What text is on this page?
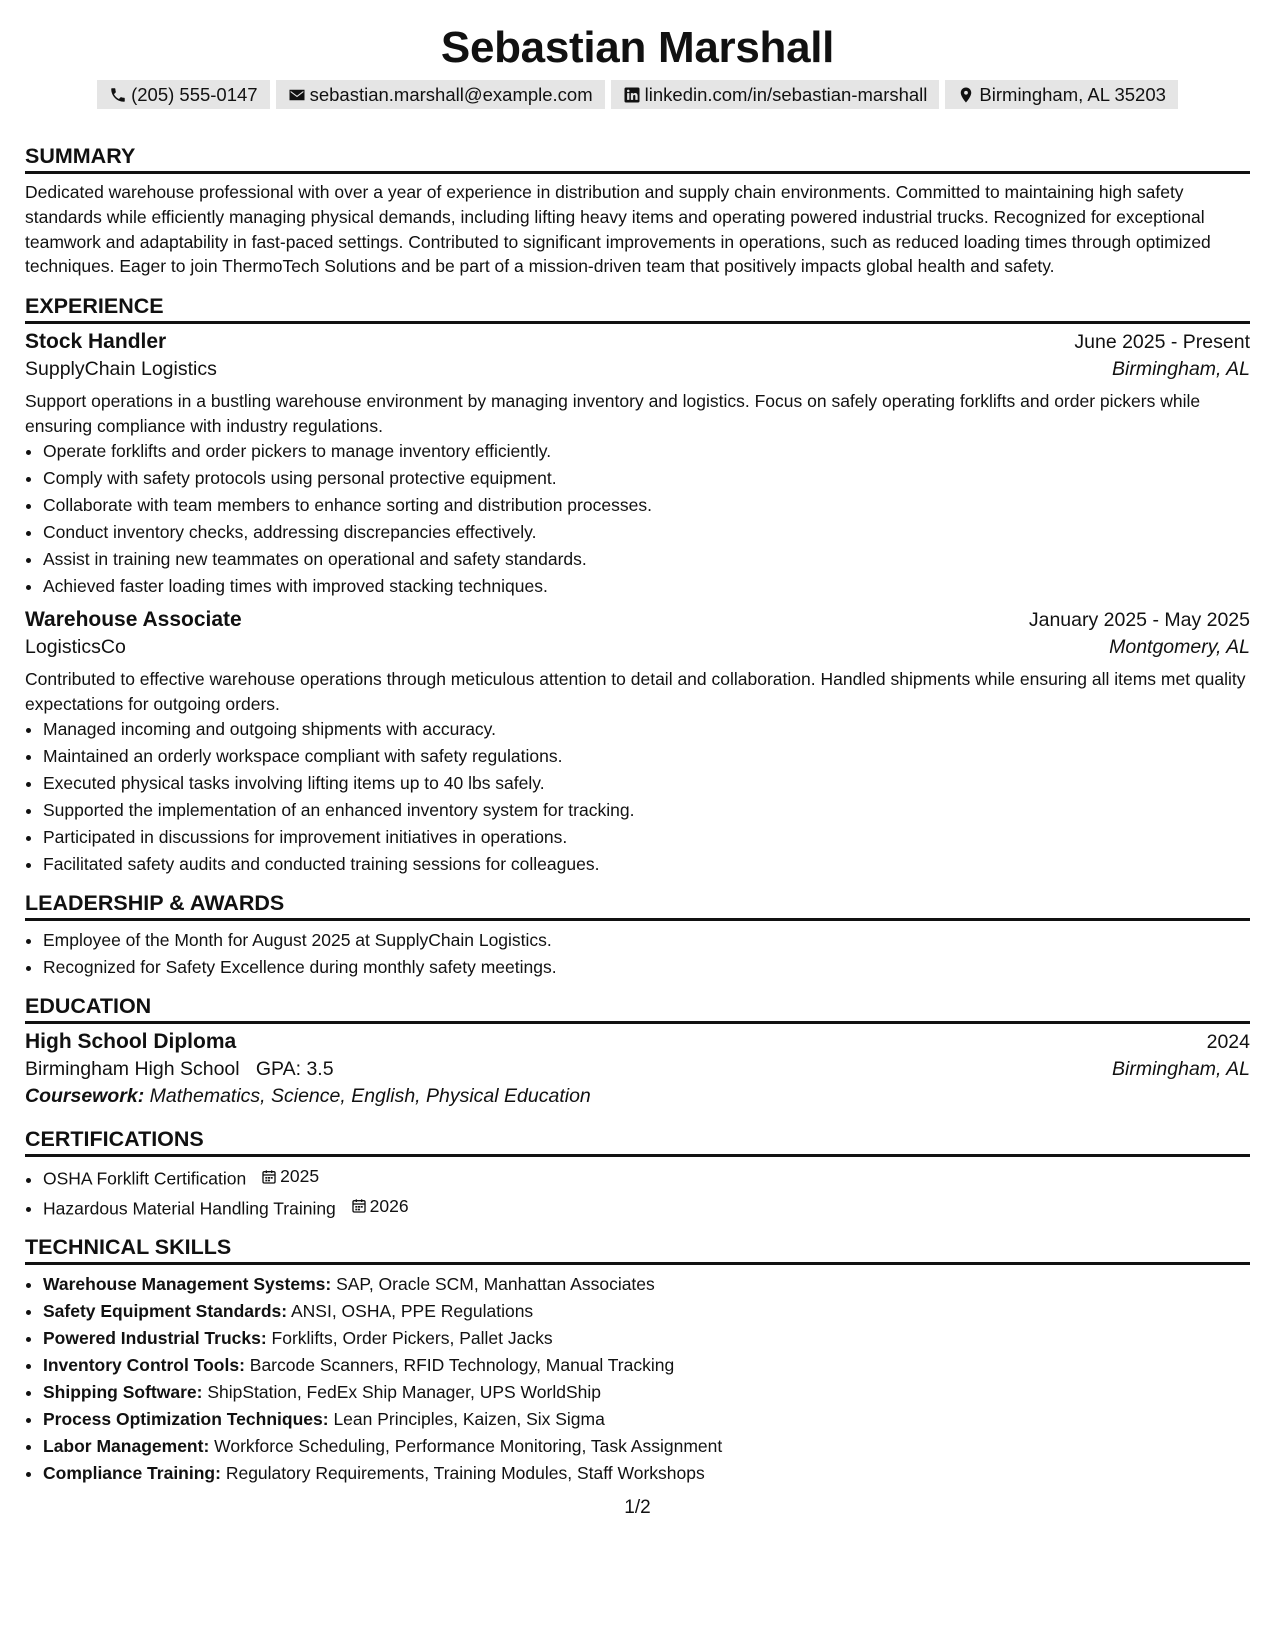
Sebastian Marshall
(205) 555-0147	sebastian.marshall@example.com	linkedin.com/in/sebastian-marshall	Birmingham, AL 35203
SUMMARY

Dedicated warehouse professional with over a year of experience in distribution and supply chain environments. Committed to maintaining high safety standards while efficiently managing physical demands, including lifting heavy items and operating powered industrial trucks. Recognized for exceptional teamwork and adaptability in fast-paced settings. Contributed to significant improvements in operations, such as reduced loading times through optimized techniques. Eager to join ThermoTech Solutions and be part of a mission-driven team that positively impacts global health and safety.

EXPERIENCE
Stock Handler	June 2025 - Present
SupplyChain Logistics	Birmingham, AL

Support operations in a bustling warehouse environment by managing inventory and logistics. Focus on safely operating forklifts and order pickers while ensuring compliance with industry regulations.

• Operate forklifts and order pickers to manage inventory efficiently.
• Comply with safety protocols using personal protective equipment.
• Collaborate with team members to enhance sorting and distribution processes.
• Conduct inventory checks, addressing discrepancies effectively.
• Assist in training new teammates on operational and safety standards.
• Achieved faster loading times with improved stacking techniques.
Warehouse Associate	January 2025 - May 2025
LogisticsCo	Montgomery, AL

Contributed to effective warehouse operations through meticulous attention to detail and collaboration. Handled shipments while ensuring all items met quality expectations for outgoing orders.

• Managed incoming and outgoing shipments with accuracy.
• Maintained an orderly workspace compliant with safety regulations.
• Executed physical tasks involving lifting items up to 40 lbs safely.
• Supported the implementation of an enhanced inventory system for tracking.
• Participated in discussions for improvement initiatives in operations.
• Facilitated safety audits and conducted training sessions for colleagues.
LEADERSHIP & AWARDS
• Employee of the Month for August 2025 at SupplyChain Logistics.
• Recognized for Safety Excellence during monthly safety meetings.
EDUCATION
High School Diploma	2024
Birmingham High School GPA: 3.5	Birmingham, AL
Coursework: Mathematics, Science, English, Physical Education
CERTIFICATIONS
• OSHA Forklift Certification 2025
• Hazardous Material Handling Training 2026
TECHNICAL SKILLS
• Warehouse Management Systems: SAP, Oracle SCM, Manhattan Associates
• Safety Equipment Standards: ANSI, OSHA, PPE Regulations
• Powered Industrial Trucks: Forklifts, Order Pickers, Pallet Jacks
• Inventory Control Tools: Barcode Scanners, RFID Technology, Manual Tracking
• Shipping Software: ShipStation, FedEx Ship Manager, UPS WorldShip
• Process Optimization Techniques: Lean Principles, Kaizen, Six Sigma
• Labor Management: Workforce Scheduling, Performance Monitoring, Task Assignment
• Compliance Training: Regulatory Requirements, Training Modules, Staff Workshops
1/2
